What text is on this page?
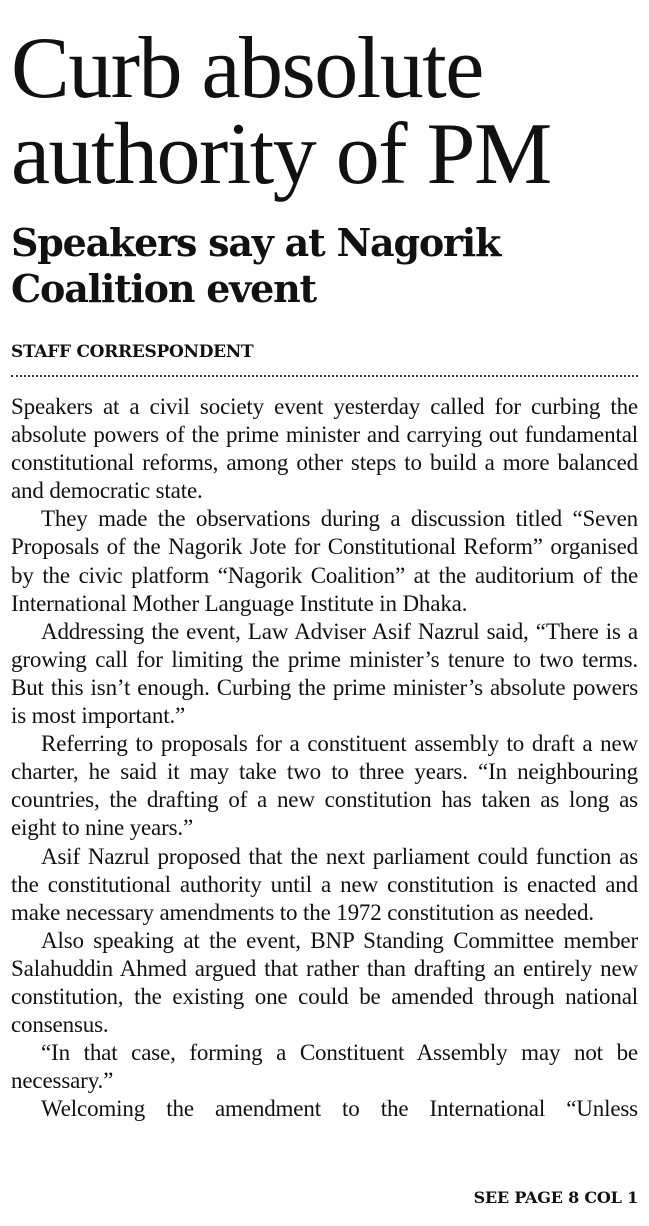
Curb absolute authority of PM
Speakers say at Nagorik Coalition event
STAFF CORRESPONDENT

Speakers at a civil society event yesterday called for curbing the absolute powers of the prime minister and carrying out fundamental constitutional reforms, among other steps to build a more balanced and democratic state.

They made the observations during a discussion titled “Seven Proposals of the Nagorik Jote for Constitutional Reform” organised by the civic platform “Nagorik Coalition” at the auditorium of the International Mother Language Institute in Dhaka.

Addressing the event, Law Adviser Asif Nazrul said, “There is a growing call for limiting the prime minister’s tenure to two terms. But this isn’t enough. Curbing the prime minister’s absolute powers is most important.”

Referring to proposals for a constituent assembly to draft a new charter, he said it may take two to three years. “In neighbouring countries, the drafting of a new constitution has taken as long as eight to nine years.”

Asif Nazrul proposed that the next parliament could function as the constitutional authority until a new constitution is enacted and make necessary amendments to the 1972 constitution as needed.

Also speaking at the event, BNP Standing Committee member Salahuddin Ahmed argued that rather than drafting an entirely new constitution, the existing one could be amended through national consensus.

“In that case, forming a Constituent Assembly may not be necessary.”

Welcoming the amendment to the International “Unless

SEE PAGE 8 COL 1
